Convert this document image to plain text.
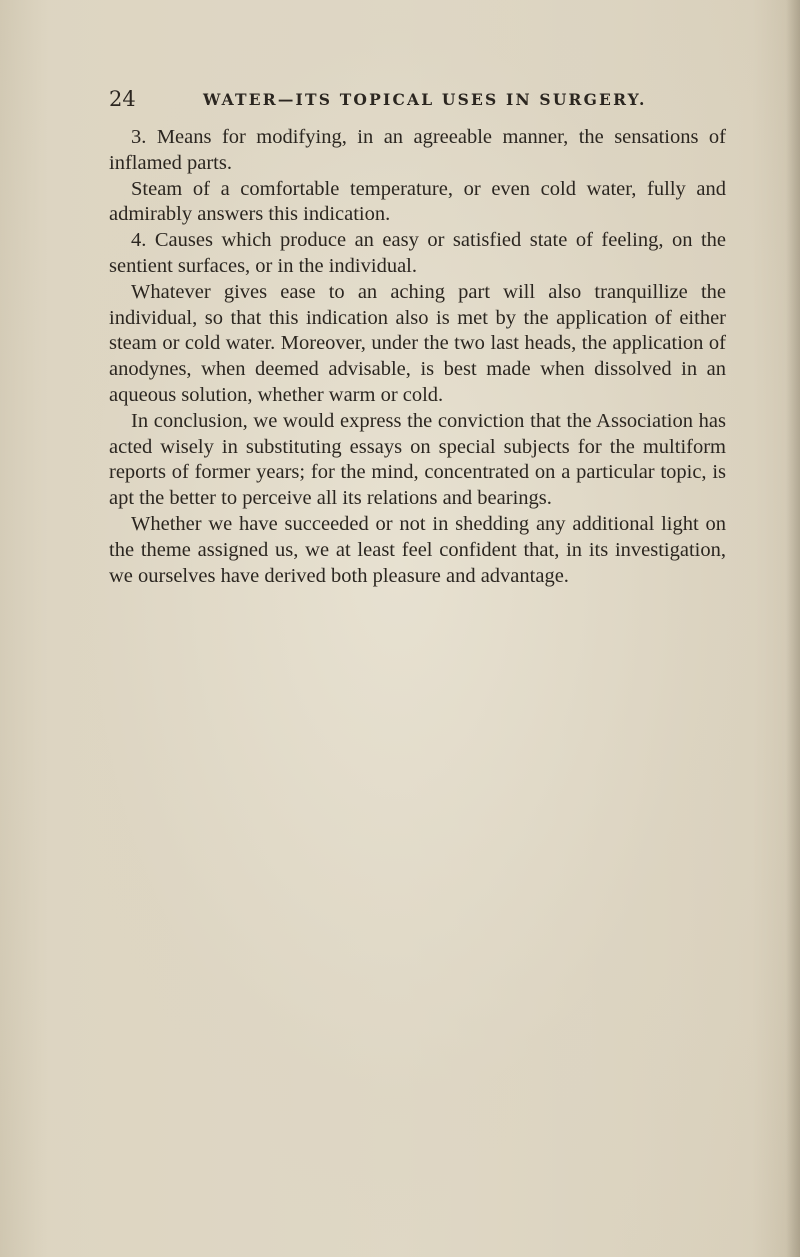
24	WATER—ITS TOPICAL USES IN SURGERY.

3. Means for modifying, in an agreeable manner, the sensations of inflamed parts.

Steam of a comfortable temperature, or even cold water, fully and admirably answers this indication.

4. Causes which produce an easy or satisfied state of feeling, on the sentient surfaces, or in the individual.

Whatever gives ease to an aching part will also tranquillize the individual, so that this indication also is met by the application of either steam or cold water. Moreover, under the two last heads, the application of anodynes, when deemed advisable, is best made when dissolved in an aqueous solution, whether warm or cold.

In conclusion, we would express the conviction that the Association has acted wisely in substituting essays on special subjects for the multiform reports of former years; for the mind, concentrated on a particular topic, is apt the better to perceive all its relations and bearings.

Whether we have succeeded or not in shedding any additional light on the theme assigned us, we at least feel confident that, in its investigation, we ourselves have derived both pleasure and advantage.
